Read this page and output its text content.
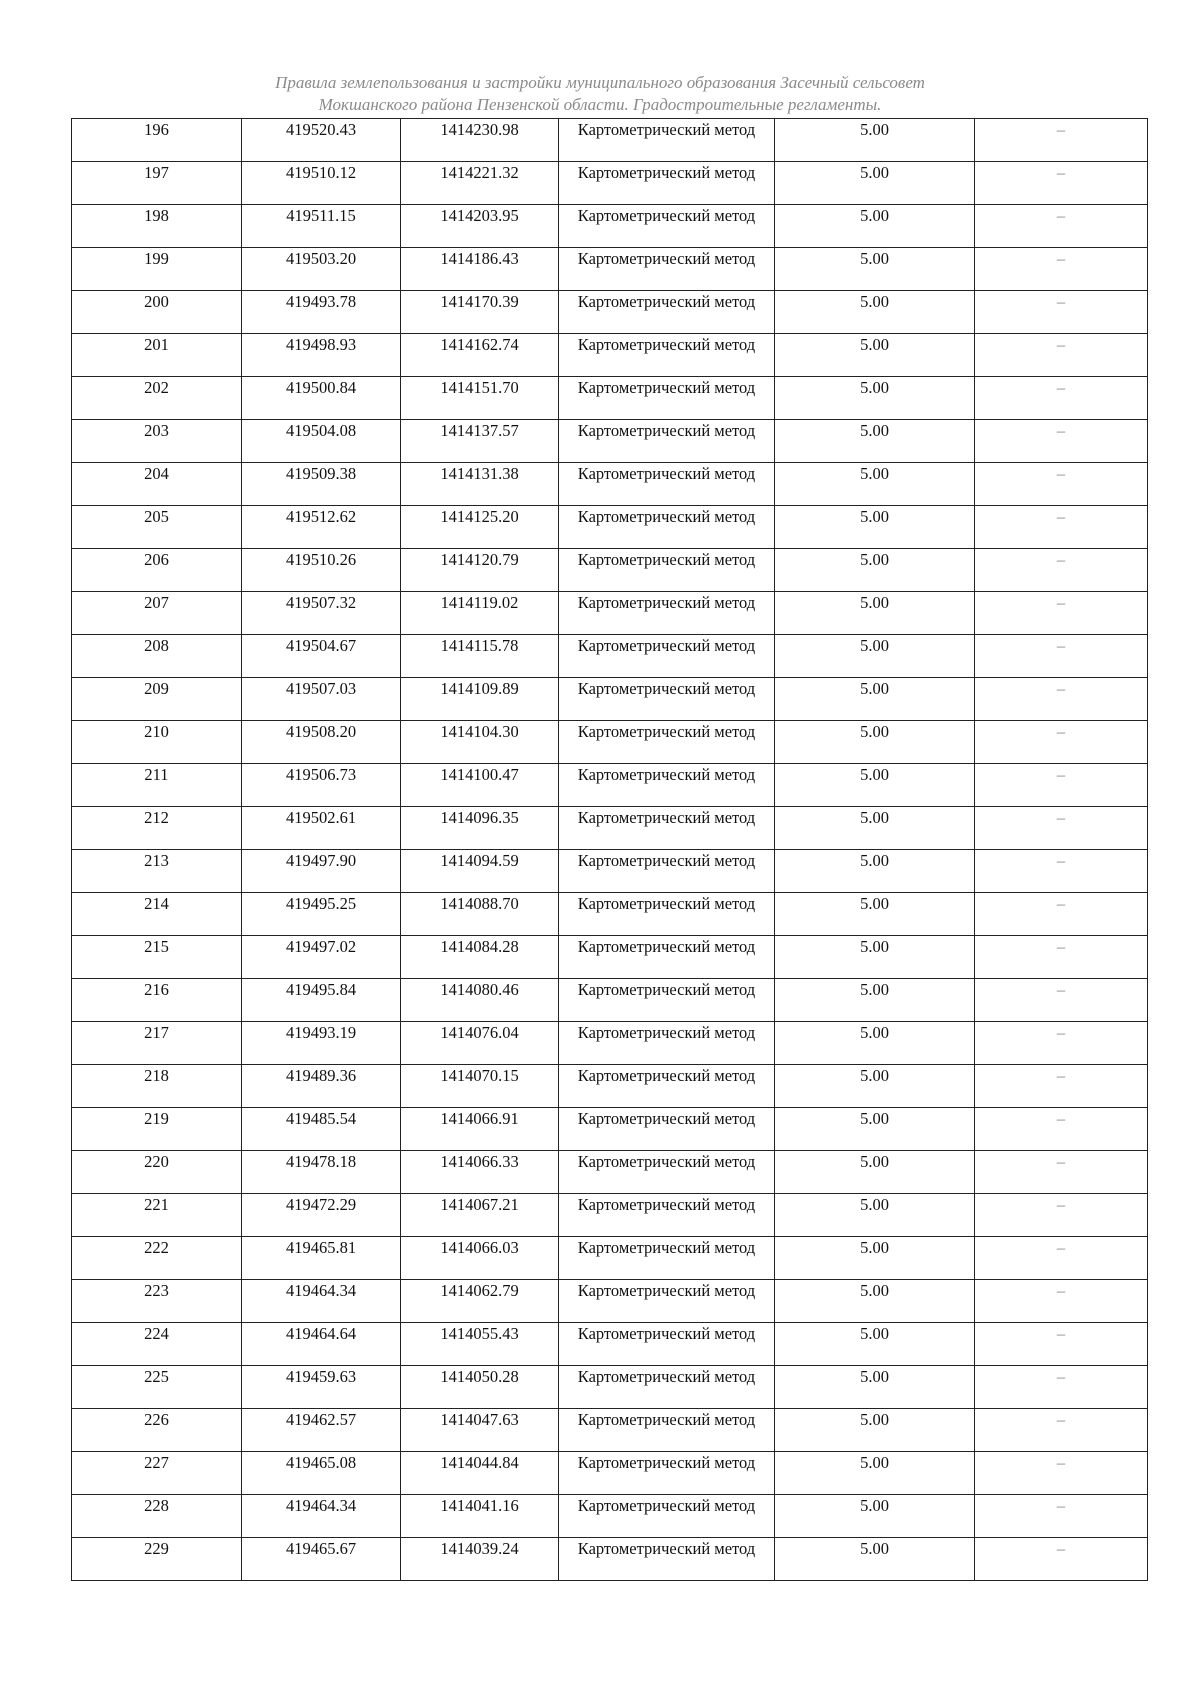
Правила землепользования и застройки муниципального образования Засечный сельсовет
Мокшанского района Пензенской области. Градостроительные регламенты.
196	419520.43	1414230.98	Картометрический метод	5.00	–

197	419510.12	1414221.32	Картометрический метод	5.00	–

198	419511.15	1414203.95	Картометрический метод	5.00	–

199	419503.20	1414186.43	Картометрический метод	5.00	–

200	419493.78	1414170.39	Картометрический метод	5.00	–

201	419498.93	1414162.74	Картометрический метод	5.00	–

202	419500.84	1414151.70	Картометрический метод	5.00	–

203	419504.08	1414137.57	Картометрический метод	5.00	–

204	419509.38	1414131.38	Картометрический метод	5.00	–

205	419512.62	1414125.20	Картометрический метод	5.00	–

206	419510.26	1414120.79	Картометрический метод	5.00	–

207	419507.32	1414119.02	Картометрический метод	5.00	–

208	419504.67	1414115.78	Картометрический метод	5.00	–

209	419507.03	1414109.89	Картометрический метод	5.00	–

210	419508.20	1414104.30	Картометрический метод	5.00	–

211	419506.73	1414100.47	Картометрический метод	5.00	–

212	419502.61	1414096.35	Картометрический метод	5.00	–

213	419497.90	1414094.59	Картометрический метод	5.00	–

214	419495.25	1414088.70	Картометрический метод	5.00	–

215	419497.02	1414084.28	Картометрический метод	5.00	–

216	419495.84	1414080.46	Картометрический метод	5.00	–

217	419493.19	1414076.04	Картометрический метод	5.00	–

218	419489.36	1414070.15	Картометрический метод	5.00	–

219	419485.54	1414066.91	Картометрический метод	5.00	–

220	419478.18	1414066.33	Картометрический метод	5.00	–

221	419472.29	1414067.21	Картометрический метод	5.00	–

222	419465.81	1414066.03	Картометрический метод	5.00	–

223	419464.34	1414062.79	Картометрический метод	5.00	–

224	419464.64	1414055.43	Картометрический метод	5.00	–

225	419459.63	1414050.28	Картометрический метод	5.00	–

226	419462.57	1414047.63	Картометрический метод	5.00	–

227	419465.08	1414044.84	Картометрический метод	5.00	–

228	419464.34	1414041.16	Картометрический метод	5.00	–

229	419465.67	1414039.24	Картометрический метод	5.00	–
